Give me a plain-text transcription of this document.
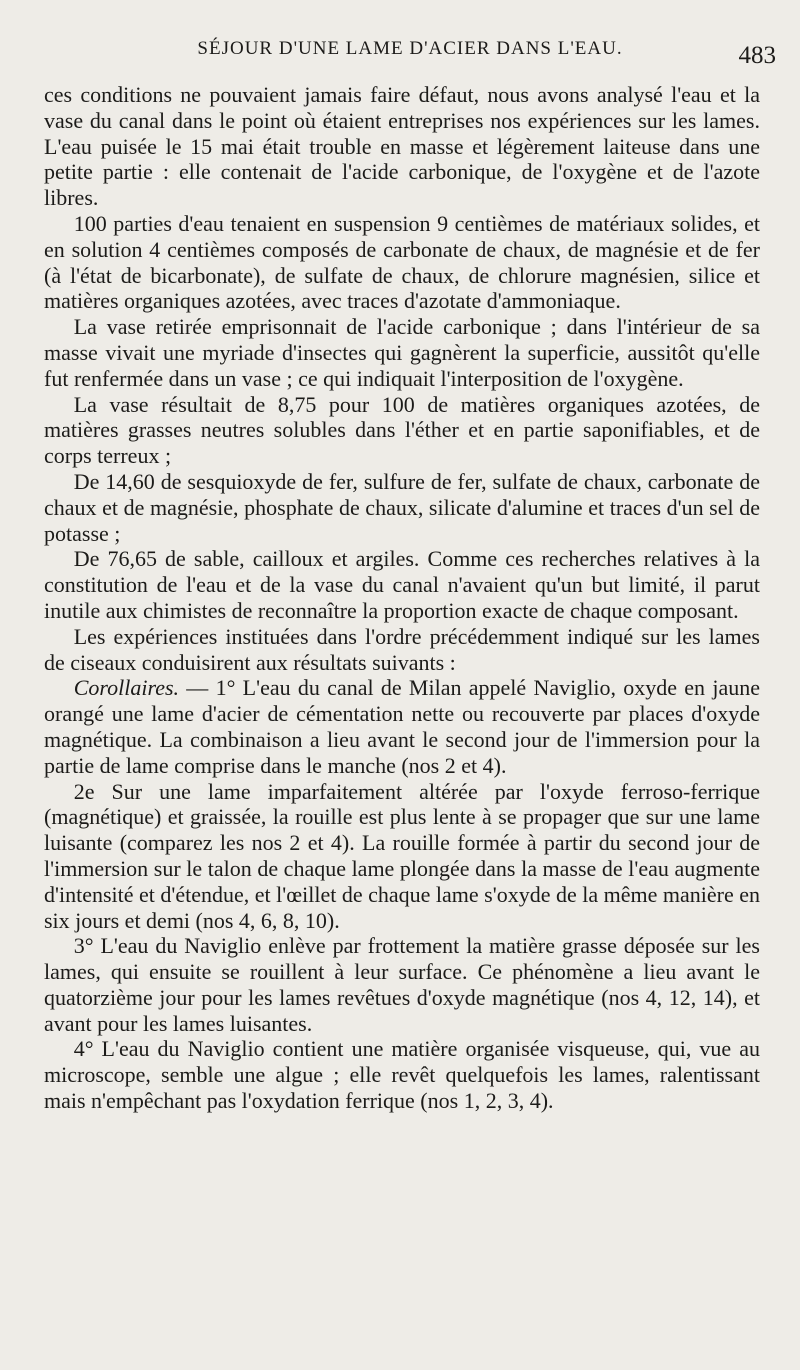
SÉJOUR D'UNE LAME D'ACIER DANS L'EAU.	483

ces conditions ne pouvaient jamais faire défaut, nous avons analysé l'eau et la vase du canal dans le point où étaient entreprises nos expériences sur les lames. L'eau puisée le 15 mai était trouble en masse et légèrement laiteuse dans une petite partie : elle contenait de l'acide carbonique, de l'oxygène et de l'azote libres.

100 parties d'eau tenaient en suspension 9 centièmes de matériaux solides, et en solution 4 centièmes composés de carbonate de chaux, de magnésie et de fer (à l'état de bicarbonate), de sulfate de chaux, de chlorure magnésien, silice et matières organiques azotées, avec traces d'azotate d'ammoniaque.

La vase retirée emprisonnait de l'acide carbonique ; dans l'intérieur de sa masse vivait une myriade d'insectes qui gagnèrent la superficie, aussitôt qu'elle fut renfermée dans un vase ; ce qui indiquait l'interposition de l'oxygène.

La vase résultait de 8,75 pour 100 de matières organiques azotées, de matières grasses neutres solubles dans l'éther et en partie saponifiables, et de corps terreux ;

De 14,60 de sesquioxyde de fer, sulfure de fer, sulfate de chaux, carbonate de chaux et de magnésie, phosphate de chaux, silicate d'alumine et traces d'un sel de potasse ;

De 76,65 de sable, cailloux et argiles. Comme ces recherches relatives à la constitution de l'eau et de la vase du canal n'avaient qu'un but limité, il parut inutile aux chimistes de reconnaître la proportion exacte de chaque composant.

Les expériences instituées dans l'ordre précédemment indiqué sur les lames de ciseaux conduisirent aux résultats suivants :

Corollaires. — 1° L'eau du canal de Milan appelé Naviglio, oxyde en jaune orangé une lame d'acier de cémentation nette ou recouverte par places d'oxyde magnétique. La combinaison a lieu avant le second jour de l'immersion pour la partie de lame comprise dans le manche (nos 2 et 4).

2e Sur une lame imparfaitement altérée par l'oxyde ferroso-ferrique (magnétique) et graissée, la rouille est plus lente à se propager que sur une lame luisante (comparez les nos 2 et 4). La rouille formée à partir du second jour de l'immersion sur le talon de chaque lame plongée dans la masse de l'eau augmente d'intensité et d'étendue, et l'œillet de chaque lame s'oxyde de la même manière en six jours et demi (nos 4, 6, 8, 10).

3° L'eau du Naviglio enlève par frottement la matière grasse déposée sur les lames, qui ensuite se rouillent à leur surface. Ce phénomène a lieu avant le quatorzième jour pour les lames revêtues d'oxyde magnétique (nos 4, 12, 14), et avant pour les lames luisantes.

4° L'eau du Naviglio contient une matière organisée visqueuse, qui, vue au microscope, semble une algue ; elle revêt quelquefois les lames, ralentissant mais n'empêchant pas l'oxydation ferrique (nos 1, 2, 3, 4).
